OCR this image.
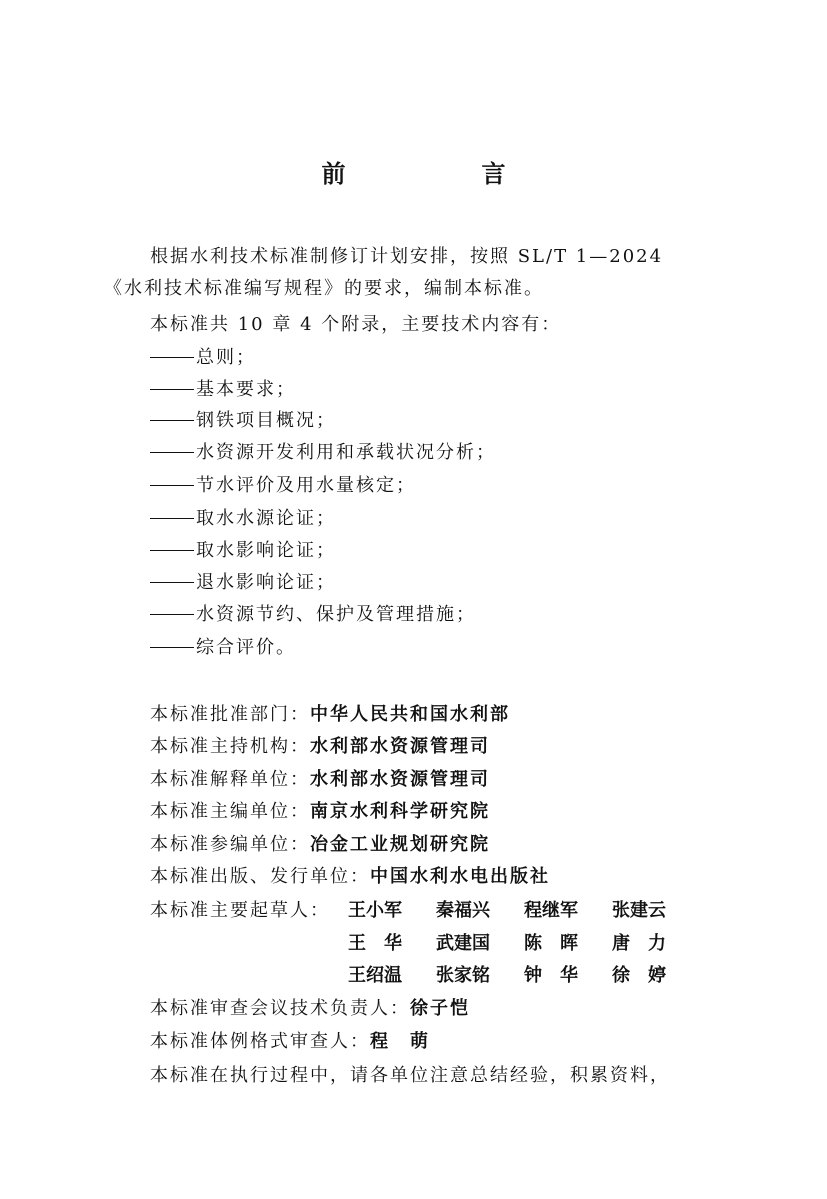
前　言
根据水利技术标准制修订计划安排，按照 SL/T 1—2024
《水利技术标准编写规程》的要求，编制本标准。
本标准共 10 章 4 个附录，主要技术内容有：
总则；
基本要求；
钢铁项目概况；
水资源开发利用和承载状况分析；
节水评价及用水量核定；
取水水源论证；
取水影响论证；
退水影响论证；
水资源节约、保护及管理措施；
综合评价。
本标准批准部门：中华人民共和国水利部
本标准主持机构：水利部水资源管理司
本标准解释单位：水利部水资源管理司
本标准主编单位：南京水利科学研究院
本标准参编单位：冶金工业规划研究院
本标准出版、发行单位：中国水利水电出版社
本标准主要起草人： 王小军 秦福兴 程继军 张建云
王　华 武建国 陈　晖 唐　力
王绍温 张家铭 钟　华 徐　婷
本标准审查会议技术负责人：徐子恺
本标准体例格式审查人：程　萌
本标准在执行过程中，请各单位注意总结经验，积累资料，
